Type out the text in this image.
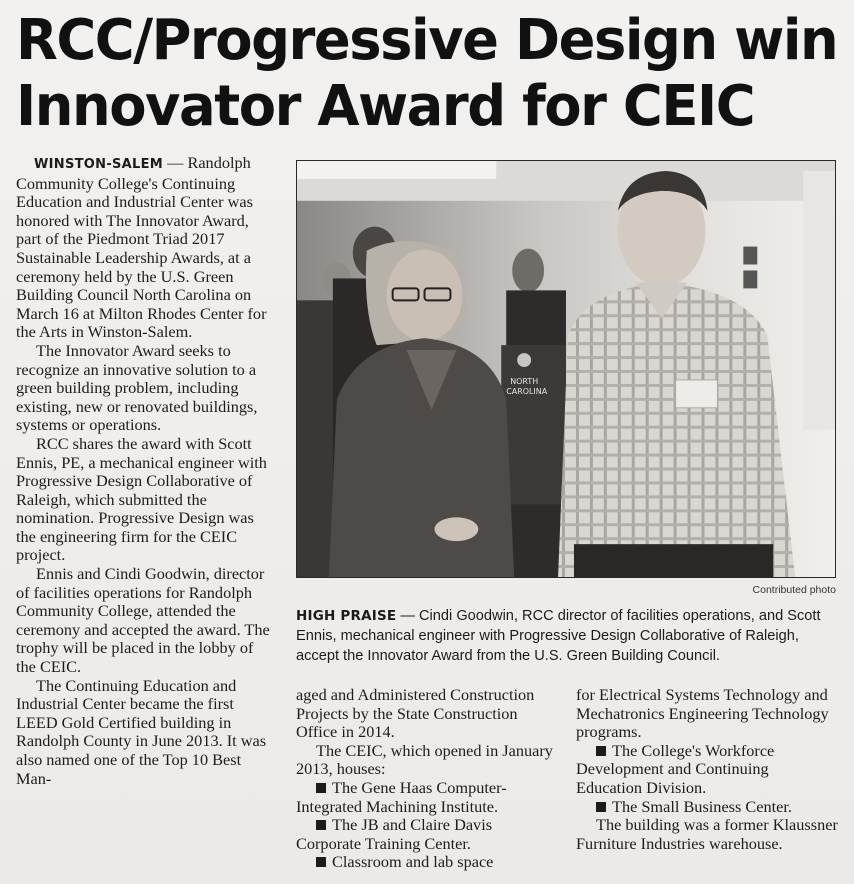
RCC/Progressive Design win
Innovator Award for CEIC

WINSTON-SALEM — Randolph Community College's Continuing Education and Industrial Center was honored with The Innovator Award, part of the Piedmont Triad 2017 Sustainable Leadership Awards, at a ceremony held by the U.S. Green Building Council North Carolina on March 16 at Milton Rhodes Center for the Arts in Winston-Salem.

The Innovator Award seeks to recognize an innovative solution to a green building problem, including existing, new or renovated buildings, systems or operations.

RCC shares the award with Scott Ennis, PE, a mechanical engineer with Progressive Design Collaborative of Raleigh, which submitted the nomination. Progressive Design was the engineering firm for the CEIC project.

Ennis and Cindi Goodwin, director of facilities operations for Randolph Community College, attended the ceremony and accepted the award. The trophy will be placed in the lobby of the CEIC.

The Continuing Education and Industrial Center became the first LEED Gold Certified building in Randolph County in June 2013. It was also named one of the Top 10 Best Man-

NORTH
CAROLINA
Contributed photo
HIGH PRAISE — Cindi Goodwin, RCC director of facilities operations, and Scott Ennis, mechanical engineer with Progressive Design Collaborative of Raleigh, accept the Innovator Award from the U.S. Green Building Council.

aged and Administered Construction Projects by the State Construction Office in 2014.

The CEIC, which opened in January 2013, houses:

The Gene Haas Computer-Integrated Machining Institute.

The JB and Claire Davis Corporate Training Center.

Classroom and lab space

for Electrical Systems Technology and Mechatronics Engineering Technology programs.

The College's Workforce Development and Continuing Education Division.

The Small Business Center.

The building was a former Klaussner Furniture Industries warehouse.
